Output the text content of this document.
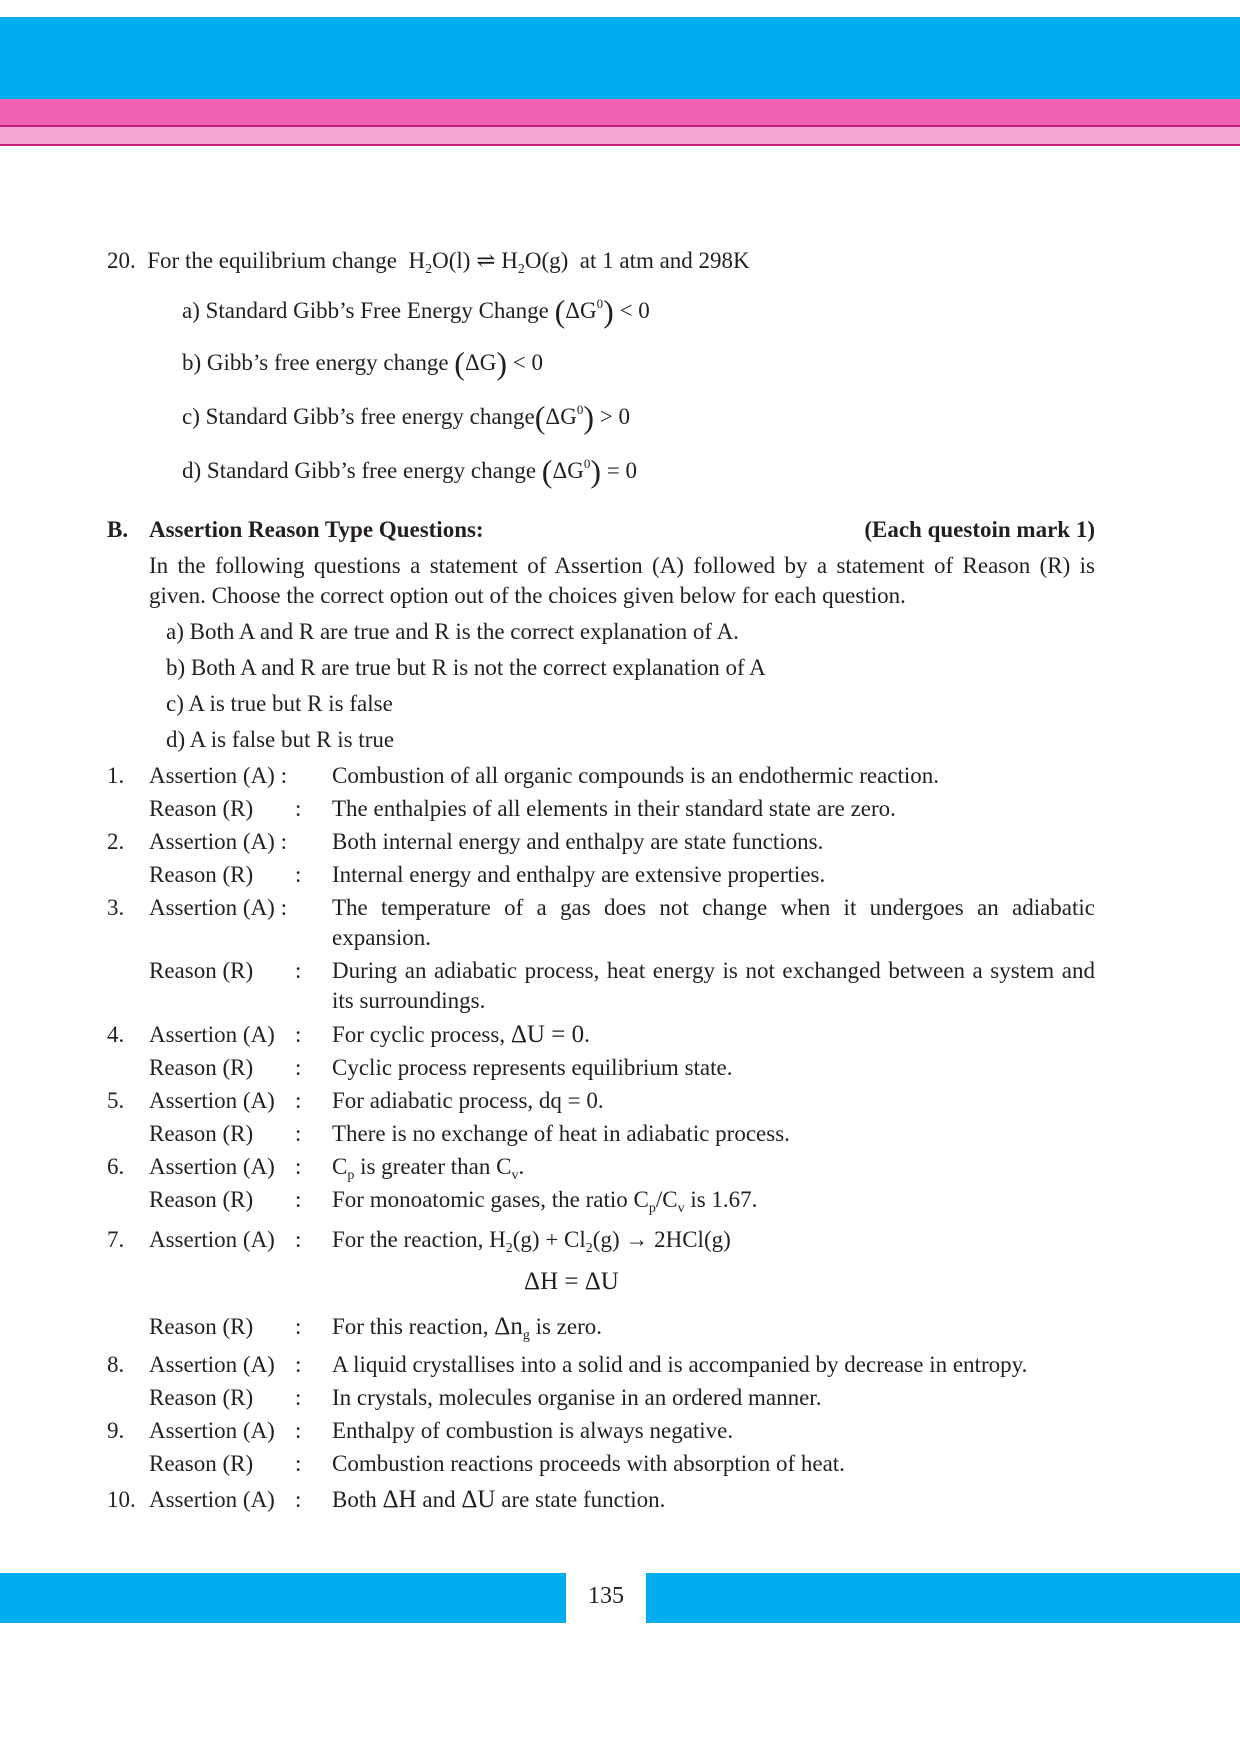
20. For the equilibrium change $H_2O(l)$ ⇌ $H_2O(g)$ at 1 atm and 298K
a) Standard Gibb’s Free Energy Change $(\Delta G^0) < 0$
b) Gibb’s free energy change (ΔG) < 0
c) Standard Gibb’s free energy $change(\Delta G^0) > 0$
d) Standard Gibb’s free energy change $(\Delta G^0) = 0$
B. Assertion Reason Type Questions:	(Each questoin mark 1)
In the following questions a statement of Assertion (A) followed by a statement of Reason (R) is given. Choose the correct option out of the choices given below for each question.
a) Both A and R are true and R is the correct explanation of A.
b) Both A and R are true but R is not the correct explanation of A
c) A is true but R is false
d) A is false but R is true
1. Assertion (A) : Combustion of all organic compounds is an endothermic reaction.
Reason (R) : The enthalpies of all elements in their standard state are zero.
2. Assertion (A) : Both internal energy and enthalpy are state functions.
Reason (R) : Internal energy and enthalpy are extensive properties.
3. Assertion (A) : The temperature of a gas does not change when it undergoes an adiabatic expansion.
Reason (R) : During an adiabatic process, heat energy is not exchanged between a system and its surroundings.
4. Assertion (A) : For cyclic process, ΔU = 0.
Reason (R) : Cyclic process represents equilibrium state.
5. Assertion (A) : For adiabatic process, dq = 0.
Reason (R) : There is no exchange of heat in adiabatic process.
6. Assertion (A) : $C_p$ is greater than $C_v$.
Reason (R) : For monoatomic gases, the ratio $C_p/C_v$ is 1.67.
7. Assertion (A) : For the reaction, $H_2(g) + Cl_2(g) \to 2HCl(g)$
ΔH = ΔU
Reason (R) : For this reaction, $\Delta n_g$ is zero.
8. Assertion (A) : A liquid crystallises into a solid and is accompanied by decrease in entropy.
Reason (R) : In crystals, molecules organise in an ordered manner.
9. Assertion (A) : Enthalpy of combustion is always negative.
Reason (R) : Combustion reactions proceeds with absorption of heat.
10. Assertion (A) : Both ΔH and ΔU are state function.
135
